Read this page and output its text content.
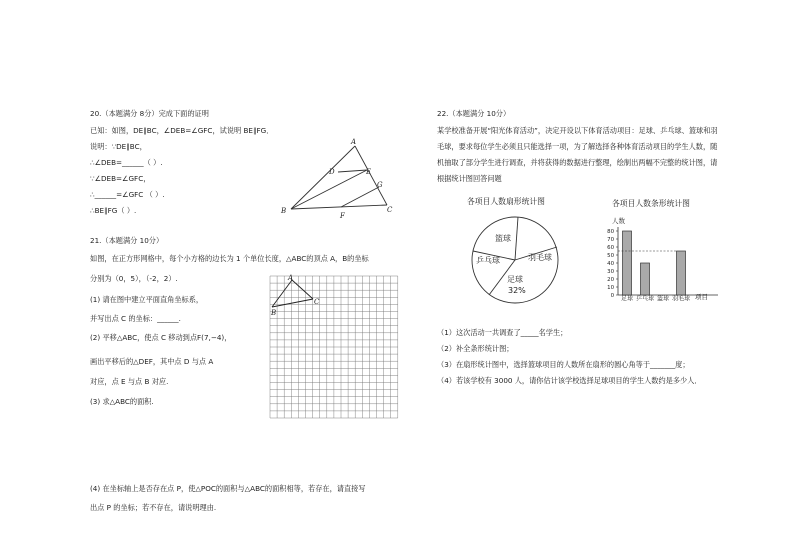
20.（本题满分 8分）完成下面的证明
已知：如图，DE∥BC，∠DEB=∠GFC，试说明 BE∥FG．
说明：∵DE∥BC，
∴∠DEB=______（ ）.
∵∠DEB=∠GFC，
∴______=∠GFC （ ）.
∴BE∥FG（ ）.
A
D	E
G
B
F
C
21.（本题满分 10分）
如图，在正方形网格中，每个小方格的边长为 1 个单位长度，△ABC的顶点 A，B的坐标
分别为（0，5），（-2，2）.
(1) 请在图中建立平面直角坐标系，
并写出点 C 的坐标：______.
(2) 平移△ABC，使点 C 移动到点F(7,−4)，
画出平移后的△DEF，其中点 D 与点 A
对应，点 E 与点 B 对应.
(3) 求△ABC的面积.
(4) 在坐标轴上是否存在点 P，使△POC的面积与△ABC的面积相等，若存在，请直接写
出点 P 的坐标；若不存在，请说明理由.
A
B
C
22.（本题满分 10分）
某学校准备开展“阳光体育活动”，决定开设以下体育活动项目：足球、乒乓球、篮球和羽
毛球，要求每位学生必须且只能选择一项，为了解选择各种体育活动项目的学生人数，随
机抽取了部分学生进行调查，并将获得的数据进行整理，绘制出两幅不完整的统计图，请
根据统计图回答问题
各项目人数扇形统计图	各项目人数条形统计图
篮球
羽毛球
乒乓球
足球
32%
0
10
20
30
40
50
60
70
80
足球 乒乓球 篮球 羽毛球
人数
项目
（1）这次活动一共调查了_____名学生；
（2）补全条形统计图；
（3）在扇形统计图中，选择篮球项目的人数所在扇形的圆心角等于_______度；
（4）若该学校有 3000 人，请你估计该学校选择足球项目的学生人数约是多少人．
